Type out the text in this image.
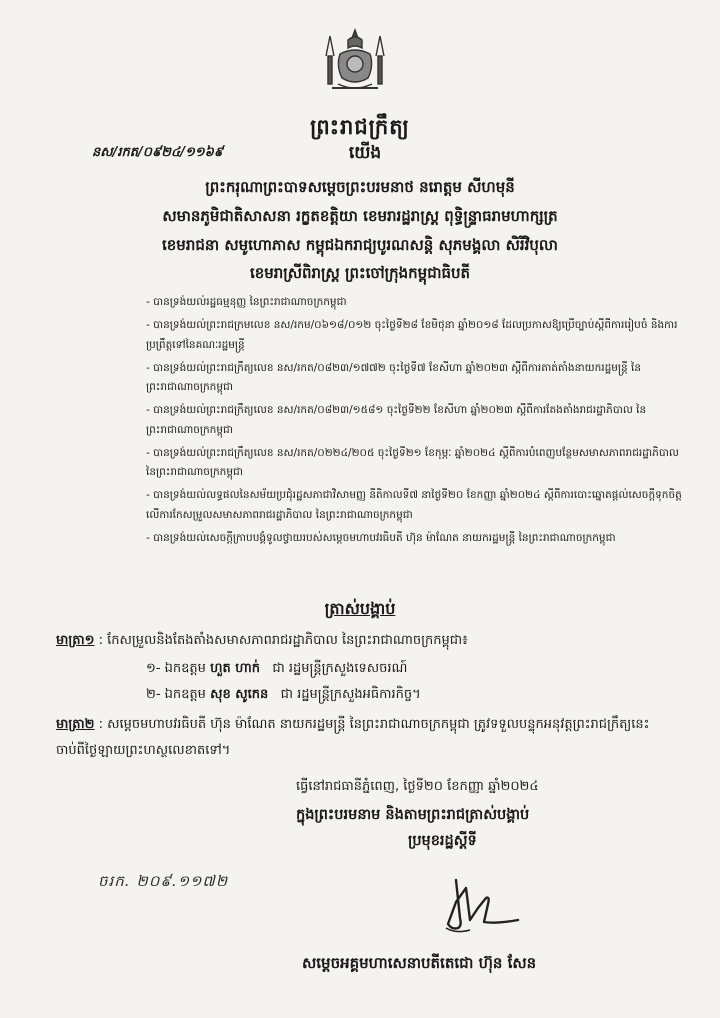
ព្រះរាជក្រឹត្យ
នស/រកត/០៩២៤/១១៦៩	យើង
ព្រះករុណាព្រះបាទសម្តេចព្រះបរមនាថ នរោត្តម សីហមុនី
សមានភូមិជាតិសាសនា រក្ខតខត្តិយា ខេមរារដ្ឋរាស្ត្រ ពុទ្ធិន្ទ្រាធរាមហាក្សត្រ
ខេមរាជនា សមូហោភាស កម្ពុជឯករាជ្យបូរណសន្តិ សុភមង្គលា សិរីវិបុលា
ខេមរាស្រីពិរាស្ត្រ ព្រះចៅក្រុងកម្ពុជាធិបតី
- បានទ្រង់យល់រដ្ឋធម្មនុញ្ញ នៃព្រះរាជាណាចក្រកម្ពុជា
- បានទ្រង់យល់ព្រះរាជក្រមលេខ នស/រកម/០៦១៨/០១២ ចុះថ្ងៃទី២៨ ខែមិថុនា ឆ្នាំ២០១៨ ដែលប្រកាសឱ្យប្រើច្បាប់ស្តីពីការរៀបចំ និងការប្រព្រឹត្តទៅនៃគណៈរដ្ឋមន្ត្រី
- បានទ្រង់យល់ព្រះរាជក្រឹត្យលេខ នស/រកត/០៨២៣/១៧៧២ ចុះថ្ងៃទី៧ ខែសីហា ឆ្នាំ២០២៣ ស្តីពីការតាត់តាំងនាយករដ្ឋមន្ត្រី នៃព្រះរាជាណាចក្រកម្ពុជា
- បានទ្រង់យល់ព្រះរាជក្រឹត្យលេខ នស/រកត/០៨២៣/១៥៨១ ចុះថ្ងៃទី២២ ខែសីហា ឆ្នាំ២០២៣ ស្តីពីការតែងតាំងរាជរដ្ឋាភិបាល នៃព្រះរាជាណាចក្រកម្ពុជា
- បានទ្រង់យល់ព្រះរាជក្រឹត្យលេខ នស/រកត/០២២៤/២០៥ ចុះថ្ងៃទី២១ ខែកុម្ភៈ ឆ្នាំ២០២៤ ស្តីពីការបំពេញបន្ថែមសមាសភាពរាជរដ្ឋាភិបាល នៃព្រះរាជាណាចក្រកម្ពុជា
- បានទ្រង់យល់លទ្ធផលនៃសម័យប្រជុំរដ្ឋសភាជាវិសាមញ្ញ នីតិកាលទី៧ នាថ្ងៃទី២០ ខែកញ្ញា ឆ្នាំ២០២៤ ស្តីពីការបោះឆ្នោតផ្តល់សេចក្តីទុកចិត្តលើការកែសម្រួលសមាសភាពរាជរដ្ឋាភិបាល នៃព្រះរាជាណាចក្រកម្ពុជា
- បានទ្រង់យល់សេចក្តីក្រាបបង្គំទូលថ្វាយរបស់សម្តេចមហាបវរធិបតី ហ៊ុន ម៉ាណែត នាយករដ្ឋមន្ត្រី នៃព្រះរាជាណាចក្រកម្ពុជា
ត្រាស់បង្គាប់
មាត្រា១ : កែសម្រួលនិងតែងតាំងសមាសភាពរាជរដ្ឋាភិបាល នៃព្រះរាជាណាចក្រកម្ពុជា៖
១- ឯកឧត្តម ហួត ហាក់ ជា រដ្ឋមន្ត្រីក្រសួងទេសចរណ៍
២- ឯកឧត្តម សុខ សូកេន ជា រដ្ឋមន្ត្រីក្រសួងអធិការកិច្ច។
មាត្រា២ : សម្តេចមហាបវរធិបតី ហ៊ុន ម៉ាណែត នាយករដ្ឋមន្ត្រី នៃព្រះរាជាណាចក្រកម្ពុជា ត្រូវទទួលបន្ទុកអនុវត្តព្រះរាជក្រឹត្យនេះ ចាប់ពីថ្ងៃឡាយព្រះហស្ថលេខាតទៅ។
ធ្វើនៅរាជធានីភ្នំពេញ, ថ្ងៃទី២០ ខែកញ្ញា ឆ្នាំ២០២៤
ក្នុងព្រះបរមនាម និងតាមព្រះរាជត្រាស់បង្គាប់
ប្រមុខរដ្ឋស្តីទី
ចរក. ២០៩.១១៧២
សម្តេចអគ្គមហាសេនាបតីតេជោ ហ៊ុន សែន
